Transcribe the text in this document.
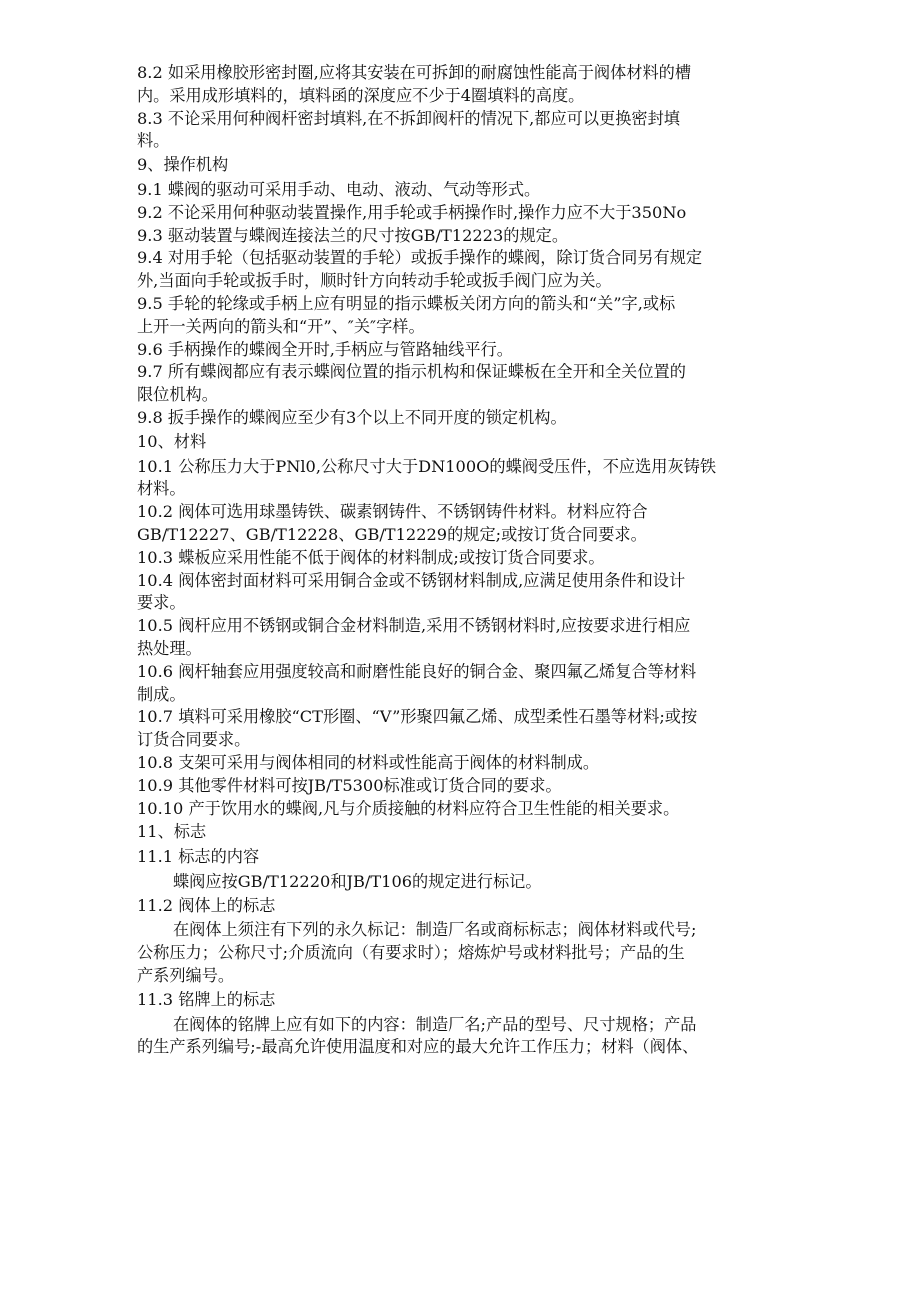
8.2 如采用橡胶形密封圈,应将其安装在可拆卸的耐腐蚀性能高于阀体材料的槽
内。采用成形填料的，填料函的深度应不少于4圈填料的高度。
8.3 不论采用何种阀杆密封填料,在不拆卸阀杆的情况下,都应可以更换密封填
料。
9、操作机构
9.1 蝶阀的驱动可采用手动、电动、液动、气动等形式。
9.2 不论采用何种驱动装置操作,用手轮或手柄操作时,操作力应不大于350No
9.3 驱动装置与蝶阀连接法兰的尺寸按GB/T12223的规定。
9.4 对用手轮（包括驱动装置的手轮）或扳手操作的蝶阀，除订货合同另有规定
外,当面向手轮或扳手时，顺时针方向转动手轮或扳手阀门应为关。
9.5 手轮的轮缘或手柄上应有明显的指示蝶板关闭方向的箭头和“关”字,或标
上开一关两向的箭头和“开”、″关″字样。
9.6 手柄操作的蝶阀全开时,手柄应与管路轴线平行。
9.7 所有蝶阀都应有表示蝶阀位置的指示机构和保证蝶板在全开和全关位置的
限位机构。
9.8 扳手操作的蝶阀应至少有3个以上不同开度的锁定机构。
10、材料
10.1 公称压力大于PNl0,公称尺寸大于DN100O的蝶阀受压件，不应选用灰铸铁
材料。
10.2 阀体可选用球墨铸铁、碳素钢铸件、不锈钢铸件材料。材料应符合
GB/T12227、GB/T12228、GB/T12229的规定;或按订货合同要求。
10.3 蝶板应采用性能不低于阀体的材料制成;或按订货合同要求。
10.4 阀体密封面材料可采用铜合金或不锈钢材料制成,应满足使用条件和设计
要求。
10.5 阀杆应用不锈钢或铜合金材料制造,采用不锈钢材料时,应按要求进行相应
热处理。
10.6 阀杆轴套应用强度较高和耐磨性能良好的铜合金、聚四氟乙烯复合等材料
制成。
10.7 填料可采用橡胶“CT形圈、“V”形聚四氟乙烯、成型柔性石墨等材料;或按
订货合同要求。
10.8 支架可采用与阀体相同的材料或性能高于阀体的材料制成。
10.9 其他零件材料可按JB/T5300标准或订货合同的要求。
10.10 产于饮用水的蝶阀,凡与介质接触的材料应符合卫生性能的相关要求。
11、标志
11.1 标志的内容
蝶阀应按GB/T12220和JB/T106的规定进行标记。
11.2 阀体上的标志
在阀体上须注有下列的永久标记：制造厂名或商标标志；阀体材料或代号;
公称压力；公称尺寸;介质流向（有要求时）；熔炼炉号或材料批号；产品的生
产系列编号。
11.3 铭牌上的标志
在阀体的铭牌上应有如下的内容：制造厂名;产品的型号、尺寸规格；产品
的生产系列编号;-最高允许使用温度和对应的最大允许工作压力；材料（阀体、
